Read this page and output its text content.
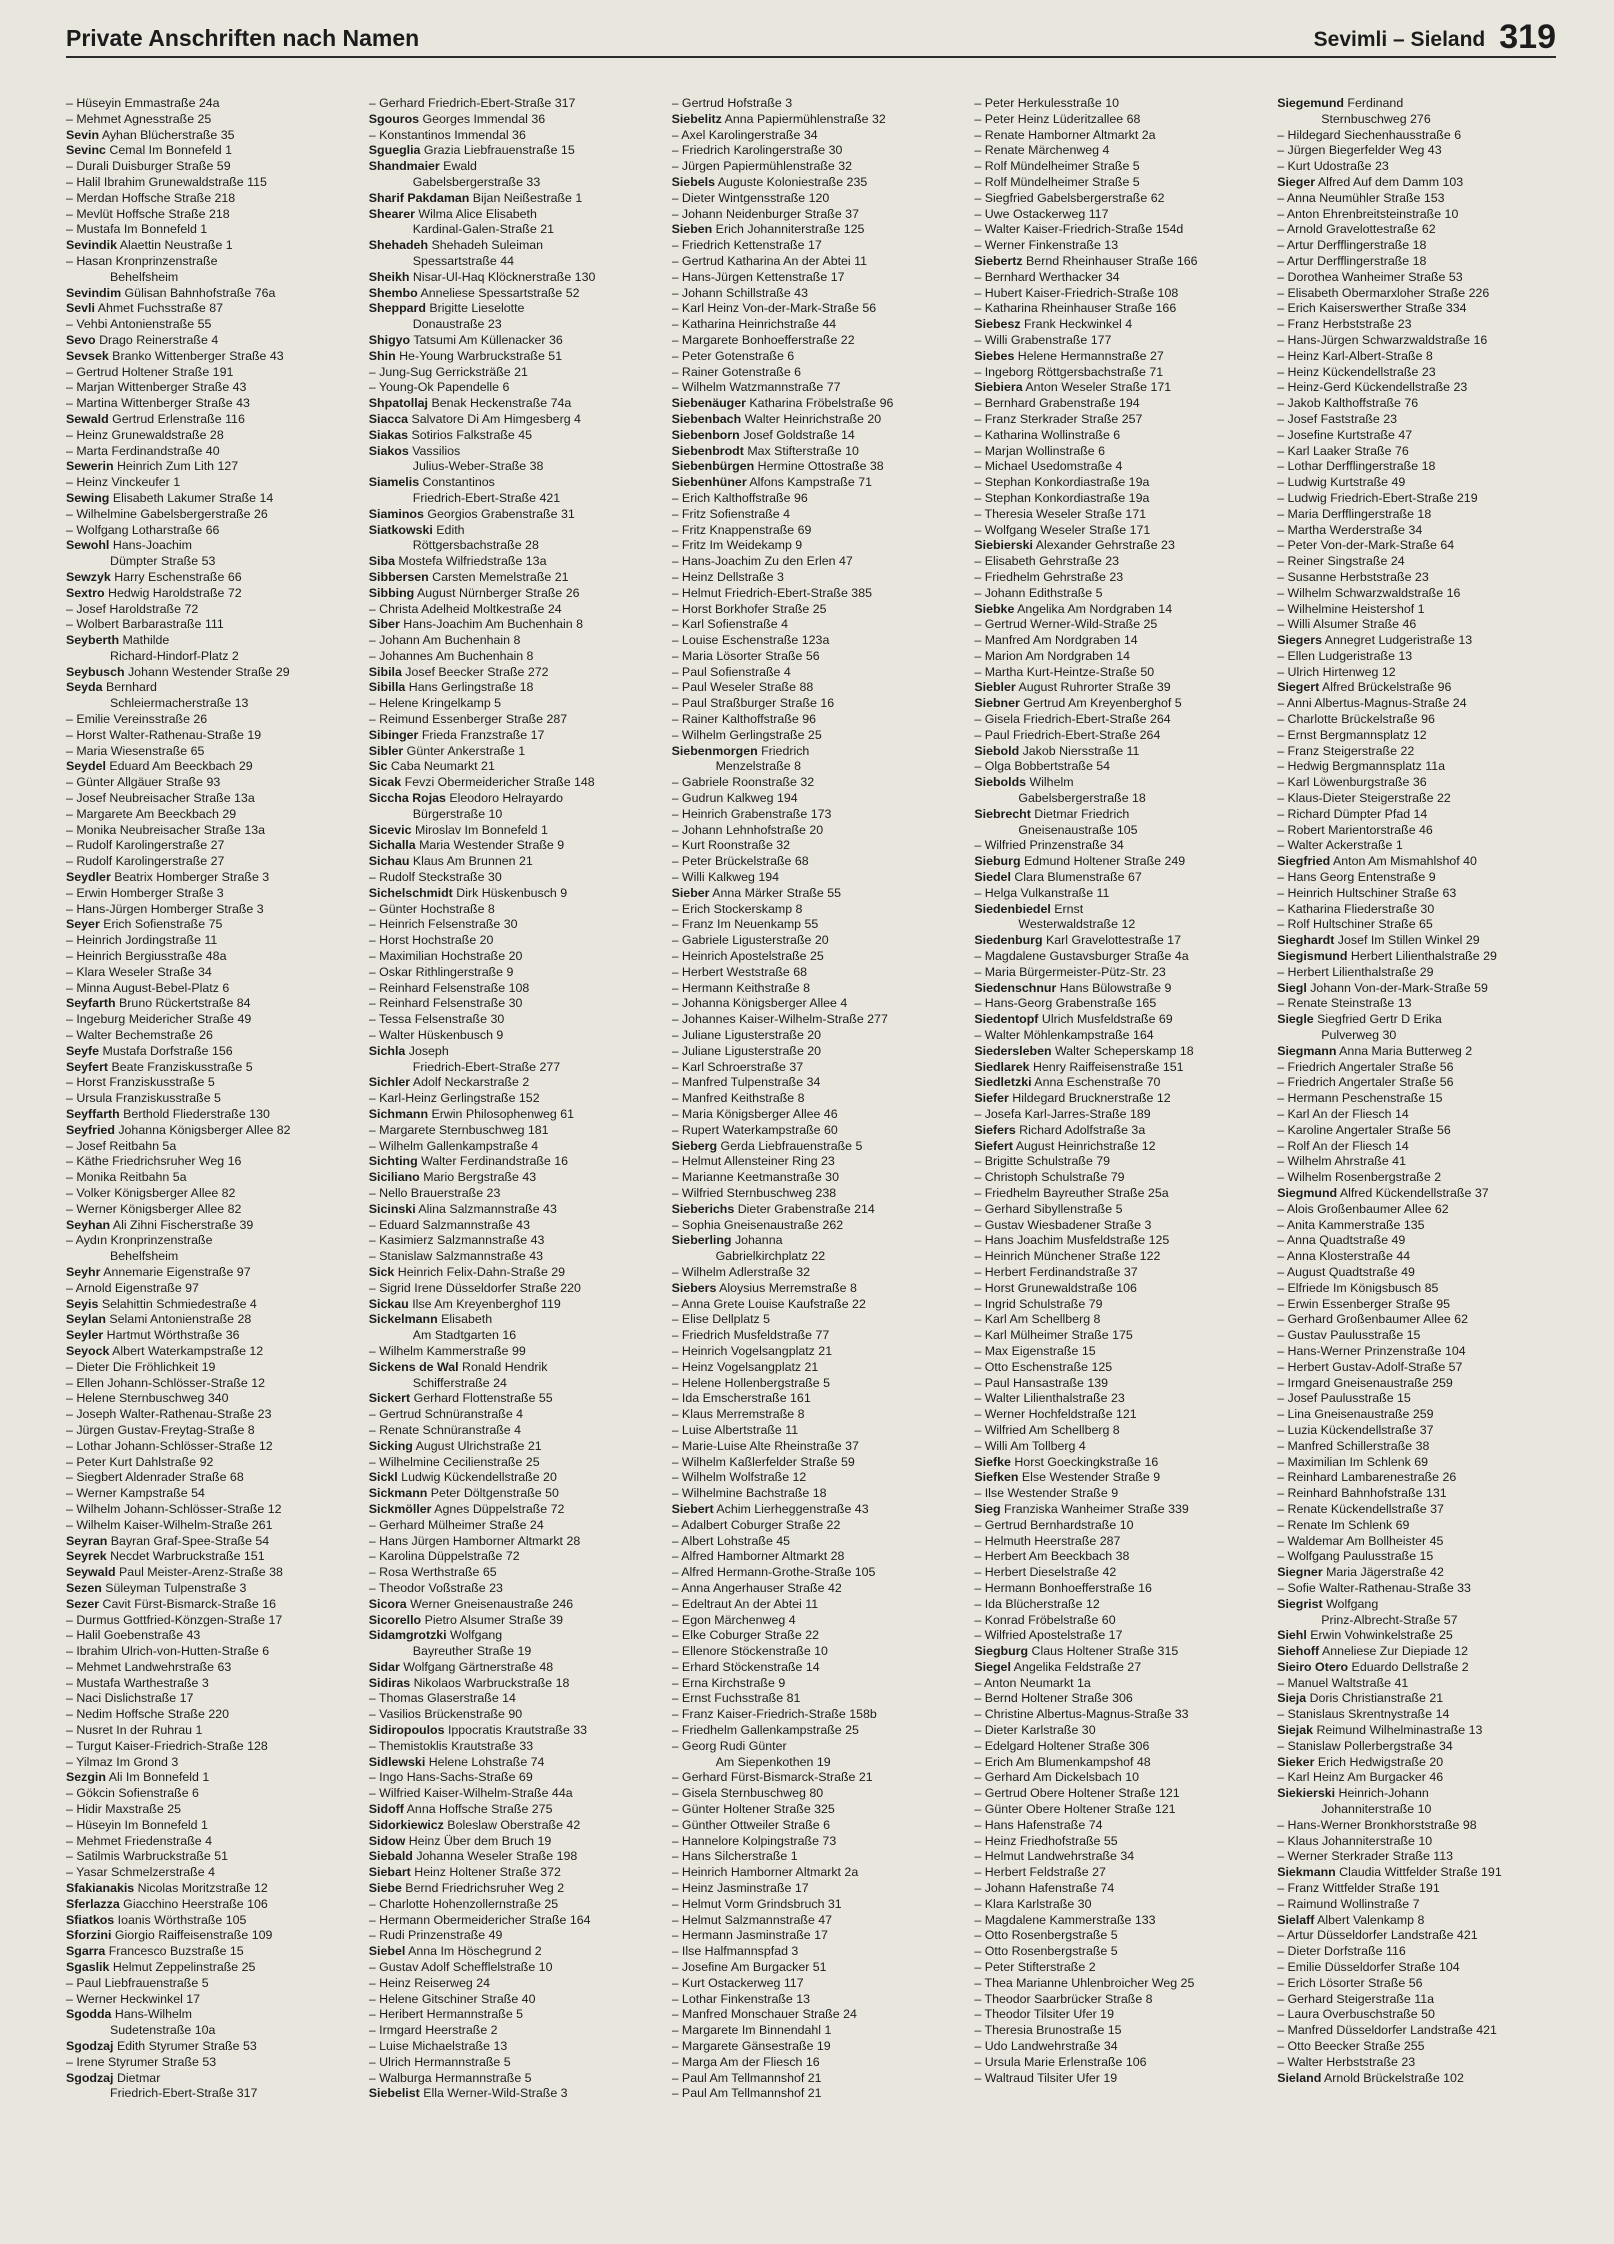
Private Anschriften nach Namen	Sevimli – Sieland 319
– Hüseyin Emmastraße 24a
– Mehmet Agnesstraße 25
Sevin Ayhan Blücherstraße 35
Sevinc Cemal Im Bonnefeld 1
– Durali Duisburger Straße 59
– Halil Ibrahim Grunewaldstraße 115
– Merdan Hoffsche Straße 218
– Mevlüt Hoffsche Straße 218
– Mustafa Im Bonnefeld 1
Sevindik Alaettin Neustraße 1
– Hasan Kronprinzenstraße
Behelfsheim
Sevindim Gülisan Bahnhofstraße 76a
Sevli Ahmet Fuchsstraße 87
– Vehbi Antonienstraße 55
Sevo Drago Reinerstraße 4
Sevsek Branko Wittenberger Straße 43
– Gertrud Holtener Straße 191
– Marjan Wittenberger Straße 43
– Martina Wittenberger Straße 43
Sewald Gertrud Erlenstraße 116
– Heinz Grunewaldstraße 28
– Marta Ferdinandstraße 40
Sewerin Heinrich Zum Lith 127
– Heinz Vinckeufer 1
Sewing Elisabeth Lakumer Straße 14
– Wilhelmine Gabelsbergerstraße 26
– Wolfgang Lotharstraße 66
Sewohl Hans-Joachim
Dümpter Straße 53
Sewzyk Harry Eschenstraße 66
Sextro Hedwig Haroldstraße 72
– Josef Haroldstraße 72
– Wolbert Barbarastraße 111
Seyberth Mathilde
Richard-Hindorf-Platz 2
Seybusch Johann Westender Straße 29
Seyda Bernhard
Schleiermacherstraße 13
– Emilie Vereinsstraße 26
– Horst Walter-Rathenau-Straße 19
– Maria Wiesenstraße 65
Seydel Eduard Am Beeckbach 29
– Günter Allgäuer Straße 93
– Josef Neubreisacher Straße 13a
– Margarete Am Beeckbach 29
– Monika Neubreisacher Straße 13a
– Rudolf Karolingerstraße 27
– Rudolf Karolingerstraße 27
Seydler Beatrix Homberger Straße 3
– Erwin Homberger Straße 3
– Hans-Jürgen Homberger Straße 3
Seyer Erich Sofienstraße 75
– Heinrich Jordingstraße 11
– Heinrich Bergiusstraße 48a
– Klara Weseler Straße 34
– Minna August-Bebel-Platz 6
Seyfarth Bruno Rückertstraße 84
– Ingeburg Meidericher Straße 49
– Walter Bechemstraße 26
Seyfe Mustafa Dorfstraße 156
Seyfert Beate Franziskusstraße 5
– Horst Franziskusstraße 5
– Ursula Franziskusstraße 5
Seyffarth Berthold Fliederstraße 130
Seyfried Johanna Königsberger Allee 82
– Josef Reitbahn 5a
– Käthe Friedrichsruher Weg 16
– Monika Reitbahn 5a
– Volker Königsberger Allee 82
– Werner Königsberger Allee 82
Seyhan Ali Zihni Fischerstraße 39
– Aydın Kronprinzenstraße
Behelfsheim
Seyhr Annemarie Eigenstraße 97
– Arnold Eigenstraße 97
Seyis Selahittin Schmiedestraße 4
Seylan Selami Antonienstraße 28
Seyler Hartmut Wörthstraße 36
Seyock Albert Waterkampstraße 12
– Dieter Die Fröhlichkeit 19
– Ellen Johann-Schlösser-Straße 12
– Helene Sternbuschweg 340
– Joseph Walter-Rathenau-Straße 23
– Jürgen Gustav-Freytag-Straße 8
– Lothar Johann-Schlösser-Straße 12
– Peter Kurt Dahlstraße 92
– Siegbert Aldenrader Straße 68
– Werner Kampstraße 54
– Wilhelm Johann-Schlösser-Straße 12
– Wilhelm Kaiser-Wilhelm-Straße 261
Seyran Bayran Graf-Spee-Straße 54
Seyrek Necdet Warbruckstraße 151
Seywald Paul Meister-Arenz-Straße 38
Sezen Süleyman Tulpenstraße 3
Sezer Cavit Fürst-Bismarck-Straße 16
– Durmus Gottfried-Könzgen-Straße 17
– Halil Goebenstraße 43
– Ibrahim Ulrich-von-Hutten-Straße 6
– Mehmet Landwehrstraße 63
– Mustafa Warthestraße 3
– Naci Dislichstraße 17
– Nedim Hoffsche Straße 220
– Nusret In der Ruhrau 1
– Turgut Kaiser-Friedrich-Straße 128
– Yilmaz Im Grond 3
Sezgin Ali Im Bonnefeld 1
– Gökcin Sofienstraße 6
– Hidir Maxstraße 25
– Hüseyin Im Bonnefeld 1
– Mehmet Friedenstraße 4
– Satilmis Warbruckstraße 51
– Yasar Schmelzerstraße 4
Sfakianakis Nicolas Moritzstraße 12
Sferlazza Giacchino Heerstraße 106
Sfiatkos Ioanis Wörthstraße 105
Sforzini Giorgio Raiffeisenstraße 109
Sgarra Francesco Buzstraße 15
Sgaslik Helmut Zeppelinstraße 25
– Paul Liebfrauenstraße 5
– Werner Heckwinkel 17
Sgodda Hans-Wilhelm
Sudetenstraße 10a
Sgodzaj Edith Styrumer Straße 53
– Irene Styrumer Straße 53
Sgodzaj Dietmar
Friedrich-Ebert-Straße 317
– Gerhard Friedrich-Ebert-Straße 317
Sgouros Georges Immendal 36
– Konstantinos Immendal 36
Sgueglia Grazia Liebfrauenstraße 15
Shandmaier Ewald
Gabelsbergerstraße 33
Sharif Pakdaman Bijan Neißestraße 1
Shearer Wilma Alice Elisabeth
Kardinal-Galen-Straße 21
Shehadeh Shehadeh Suleiman
Spessartstraße 44
Sheikh Nisar-Ul-Haq Klöcknerstraße 130
Shembo Anneliese Spessartstraße 52
Sheppard Brigitte Lieselotte
Donaustraße 23
Shigyo Tatsumi Am Küllenacker 36
Shin He-Young Warbruckstraße 51
– Jung-Sug Gerricksträße 21
– Young-Ok Papendelle 6
Shpatollaj Benak Heckenstraße 74a
Siacca Salvatore Di Am Himgesberg 4
Siakas Sotirios Falkstraße 45
Siakos Vassilios
Julius-Weber-Straße 38
Siamelis Constantinos
Friedrich-Ebert-Straße 421
Siaminos Georgios Grabenstraße 31
Siatkowski Edith
Röttgersbachstraße 28
Siba Mostefa Wilfriedstraße 13a
Sibbersen Carsten Memelstraße 21
Sibbing August Nürnberger Straße 26
– Christa Adelheid Moltkestraße 24
Siber Hans-Joachim Am Buchenhain 8
– Johann Am Buchenhain 8
– Johannes Am Buchenhain 8
Sibila Josef Beecker Straße 272
Sibilla Hans Gerlingstraße 18
– Helene Kringelkamp 5
– Reimund Essenberger Straße 287
Sibinger Frieda Franzstraße 17
Sibler Günter Ankerstraße 1
Sic Caba Neumarkt 21
Sicak Fevzi Obermeidericher Straße 148
Siccha Rojas Eleodoro Helrayardo
Bürgerstraße 10
Sicevic Miroslav Im Bonnefeld 1
Sichalla Maria Westender Straße 9
Sichau Klaus Am Brunnen 21
– Rudolf Steckstraße 30
Sichelschmidt Dirk Hüskenbusch 9
– Günter Hochstraße 8
– Heinrich Felsenstraße 30
– Horst Hochstraße 20
– Maximilian Hochstraße 20
– Oskar Rithlingerstraße 9
– Reinhard Felsenstraße 108
– Reinhard Felsenstraße 30
– Tessa Felsenstraße 30
– Walter Hüskenbusch 9
Sichla Joseph
Friedrich-Ebert-Straße 277
Sichler Adolf Neckarstraße 2
– Karl-Heinz Gerlingstraße 152
Sichmann Erwin Philosophenweg 61
– Margarete Sternbuschweg 181
– Wilhelm Gallenkampstraße 4
Sichting Walter Ferdinandstraße 16
Siciliano Mario Bergstraße 43
– Nello Brauerstraße 23
Sicinski Alina Salzmannstraße 43
– Eduard Salzmannstraße 43
– Kasimierz Salzmannstraße 43
– Stanislaw Salzmannstraße 43
Sick Heinrich Felix-Dahn-Straße 29
– Sigrid Irene Düsseldorfer Straße 220
Sickau Ilse Am Kreyenberghof 119
Sickelmann Elisabeth
Am Stadtgarten 16
– Wilhelm Kammerstraße 99
Sickens de Wal Ronald Hendrik
Schifferstraße 24
Sickert Gerhard Flottenstraße 55
– Gertrud Schnüranstraße 4
– Renate Schnüranstraße 4
Sicking August Ulrichstraße 21
– Wilhelmine Cecilienstraße 25
Sickl Ludwig Kückendellstraße 20
Sickmann Peter Döltgenstraße 50
Sickmöller Agnes Düppelstraße 72
– Gerhard Mülheimer Straße 24
– Hans Jürgen Hamborner Altmarkt 28
– Karolina Düppelstraße 72
– Rosa Werthstraße 65
– Theodor Voßstraße 23
Sicora Werner Gneisenaustraße 246
Sicorello Pietro Alsumer Straße 39
Sidamgrotzki Wolfgang
Bayreuther Straße 19
Sidar Wolfgang Gärtnerstraße 48
Sidiras Nikolaos Warbruckstraße 18
– Thomas Glaserstraße 14
– Vasilios Brückenstraße 90
Sidiropoulos Ippocratis Krautstraße 33
– Themistoklis Krautstraße 33
Sidlewski Helene Lohstraße 74
– Ingo Hans-Sachs-Straße 69
– Wilfried Kaiser-Wilhelm-Straße 44a
Sidoff Anna Hoffsche Straße 275
Sidorkiewicz Boleslaw Oberstraße 42
Sidow Heinz Über dem Bruch 19
Siebald Johanna Weseler Straße 198
Siebart Heinz Holtener Straße 372
Siebe Bernd Friedrichsruher Weg 2
– Charlotte Hohenzollernstraße 25
– Hermann Obermeidericher Straße 164
– Rudi Prinzenstraße 49
Siebel Anna Im Höschegrund 2
– Gustav Adolf Schefflelstraße 10
– Heinz Reiserweg 24
– Helene Gitschiner Straße 40
– Heribert Hermannstraße 5
– Irmgard Heerstraße 2
– Luise Michaelstraße 13
– Ulrich Hermannstraße 5
– Walburga Hermannstraße 5
Siebelist Ella Werner-Wild-Straße 3
– Gertrud Hofstraße 3
Siebelitz Anna Papiermühlenstraße 32
– Axel Karolingerstraße 34
– Friedrich Karolingerstraße 30
– Jürgen Papiermühlenstraße 32
Siebels Auguste Koloniestraße 235
– Dieter Wintgensstraße 120
– Johann Neidenburger Straße 37
Sieben Erich Johanniterstraße 125
– Friedrich Kettenstraße 17
– Gertrud Katharina An der Abtei 11
– Hans-Jürgen Kettenstraße 17
– Johann Schillstraße 43
– Karl Heinz Von-der-Mark-Straße 56
– Katharina Heinrichstraße 44
– Margarete Bonhoefferstraße 22
– Peter Gotenstraße 6
– Rainer Gotenstraße 6
– Wilhelm Watzmannstraße 77
Siebenäuger Katharina Fröbelstraße 96
Siebenbach Walter Heinrichstraße 20
Siebenborn Josef Goldstraße 14
Siebenbrodt Max Stifterstraße 10
Siebenbürgen Hermine Ottostraße 38
Siebenhüner Alfons Kampstraße 71
– Erich Kalthoffstraße 96
– Fritz Sofienstraße 4
– Fritz Knappenstraße 69
– Fritz Im Weidekamp 9
– Hans-Joachim Zu den Erlen 47
– Heinz Dellstraße 3
– Helmut Friedrich-Ebert-Straße 385
– Horst Borkhofer Straße 25
– Karl Sofienstraße 4
– Louise Eschenstraße 123a
– Maria Lösorter Straße 56
– Paul Sofienstraße 4
– Paul Weseler Straße 88
– Paul Straßburger Straße 16
– Rainer Kalthoffstraße 96
– Wilhelm Gerlingstraße 25
Siebenmorgen Friedrich
Menzelstraße 8
– Gabriele Roonstraße 32
– Gudrun Kalkweg 194
– Heinrich Grabenstraße 173
– Johann Lehnhofstraße 20
– Kurt Roonstraße 32
– Peter Brückelstraße 68
– Willi Kalkweg 194
Sieber Anna Märker Straße 55
– Erich Stockerskamp 8
– Franz Im Neuenkamp 55
– Gabriele Ligusterstraße 20
– Heinrich Apostelstraße 25
– Herbert Weststraße 68
– Hermann Keithstraße 8
– Johanna Königsberger Allee 4
– Johannes Kaiser-Wilhelm-Straße 277
– Juliane Ligusterstraße 20
– Juliane Ligusterstraße 20
– Karl Schroerstraße 37
– Manfred Tulpenstraße 34
– Manfred Keithstraße 8
– Maria Königsberger Allee 46
– Rupert Waterkampstraße 60
Sieberg Gerda Liebfrauenstraße 5
– Helmut Allensteiner Ring 23
– Marianne Keetmanstraße 30
– Wilfried Sternbuschweg 238
Sieberichs Dieter Grabenstraße 214
– Sophia Gneisenaustraße 262
Sieberling Johanna
Gabrielkirchplatz 22
– Wilhelm Adlerstraße 32
Siebers Aloysius Merremstraße 8
– Anna Grete Louise Kaufstraße 22
– Elise Dellplatz 5
– Friedrich Musfeldstraße 77
– Heinrich Vogelsangplatz 21
– Heinz Vogelsangplatz 21
– Helene Hollenbergstraße 5
– Ida Emscherstraße 161
– Klaus Merremstraße 8
– Luise Albertstraße 11
– Marie-Luise Alte Rheinstraße 37
– Wilhelm Kaßlerfelder Straße 59
– Wilhelm Wolfstraße 12
– Wilhelmine Bachstraße 18
Siebert Achim Lierheggenstraße 43
– Adalbert Coburger Straße 22
– Albert Lohstraße 45
– Alfred Hamborner Altmarkt 28
– Alfred Hermann-Grothe-Straße 105
– Anna Angerhauser Straße 42
– Edeltraut An der Abtei 11
– Egon Märchenweg 4
– Elke Coburger Straße 22
– Ellenore Stöckenstraße 10
– Erhard Stöckenstraße 14
– Erna Kirchstraße 9
– Ernst Fuchsstraße 81
– Franz Kaiser-Friedrich-Straße 158b
– Friedhelm Gallenkampstraße 25
– Georg Rudi Günter
Am Siepenkothen 19
– Gerhard Fürst-Bismarck-Straße 21
– Gisela Sternbuschweg 80
– Günter Holtener Straße 325
– Günther Ottweiler Straße 6
– Hannelore Kolpingstraße 73
– Hans Silcherstraße 1
– Heinrich Hamborner Altmarkt 2a
– Heinz Jasminstraße 17
– Helmut Vorm Grindsbruch 31
– Helmut Salzmannstraße 47
– Hermann Jasminstraße 17
– Ilse Halfmannspfad 3
– Josefine Am Burgacker 51
– Kurt Ostackerweg 117
– Lothar Finkenstraße 13
– Manfred Monschauer Straße 24
– Margarete Im Binnendahl 1
– Margarete Gänsestraße 19
– Marga Am der Fliesch 16
– Paul Am Tellmannshof 21
– Paul Am Tellmannshof 21
– Peter Herkulesstraße 10
– Peter Heinz Lüderitzallee 68
– Renate Hamborner Altmarkt 2a
– Renate Märchenweg 4
– Rolf Mündelheimer Straße 5
– Rolf Mündelheimer Straße 5
– Siegfried Gabelsbergerstraße 62
– Uwe Ostackerweg 117
– Walter Kaiser-Friedrich-Straße 154d
– Werner Finkenstraße 13
Siebertz Bernd Rheinhauser Straße 166
– Bernhard Werthacker 34
– Hubert Kaiser-Friedrich-Straße 108
– Katharina Rheinhauser Straße 166
Siebesz Frank Heckwinkel 4
– Willi Grabenstraße 177
Siebes Helene Hermannstraße 27
– Ingeborg Röttgersbachstraße 71
Siebiera Anton Weseler Straße 171
– Bernhard Grabenstraße 194
– Franz Sterkrader Straße 257
– Katharina Wollinstraße 6
– Marjan Wollinstraße 6
– Michael Usedomstraße 4
– Stephan Konkordiastraße 19a
– Stephan Konkordiastraße 19a
– Theresia Weseler Straße 171
– Wolfgang Weseler Straße 171
Siebierski Alexander Gehrstraße 23
– Elisabeth Gehrstraße 23
– Friedhelm Gehrstraße 23
– Johann Edithstraße 5
Siebke Angelika Am Nordgraben 14
– Gertrud Werner-Wild-Straße 25
– Manfred Am Nordgraben 14
– Marion Am Nordgraben 14
– Martha Kurt-Heintze-Straße 50
Siebler August Ruhrorter Straße 39
Siebner Gertrud Am Kreyenberghof 5
– Gisela Friedrich-Ebert-Straße 264
– Paul Friedrich-Ebert-Straße 264
Siebold Jakob Niersstraße 11
– Olga Bobbertstraße 54
Siebolds Wilhelm
Gabelsbergerstraße 18
Siebrecht Dietmar Friedrich
Gneisenaustraße 105
– Wilfried Prinzenstraße 34
Sieburg Edmund Holtener Straße 249
Siedel Clara Blumenstraße 67
– Helga Vulkanstraße 11
Siedenbiedel Ernst
Westerwaldstraße 12
Siedenburg Karl Gravelottestraße 17
– Magdalene Gustavsburger Straße 4a
– Maria Bürgermeister-Pütz-Str. 23
Siedenschnur Hans Bülowstraße 9
– Hans-Georg Grabenstraße 165
Siedentopf Ulrich Musfeldstraße 69
– Walter Möhlenkampstraße 164
Siedersleben Walter Scheperskamp 18
Siedlarek Henry Raiffeisenstraße 151
Siedletzki Anna Eschenstraße 70
Siefer Hildegard Brucknerstraße 12
– Josefa Karl-Jarres-Straße 189
Siefers Richard Adolfstraße 3a
Siefert August Heinrichstraße 12
– Brigitte Schulstraße 79
– Christoph Schulstraße 79
– Friedhelm Bayreuther Straße 25a
– Gerhard Sibyllenstraße 5
– Gustav Wiesbadener Straße 3
– Hans Joachim Musfeldstraße 125
– Heinrich Münchener Straße 122
– Herbert Ferdinandstraße 37
– Horst Grunewaldstraße 106
– Ingrid Schulstraße 79
– Karl Am Schellberg 8
– Karl Mülheimer Straße 175
– Max Eigenstraße 15
– Otto Eschenstraße 125
– Paul Hansastraße 139
– Walter Lilienthalstraße 23
– Werner Hochfeldstraße 121
– Wilfried Am Schellberg 8
– Willi Am Tollberg 4
Siefke Horst Goeckingkstraße 16
Siefken Else Westender Straße 9
– Ilse Westender Straße 9
Sieg Franziska Wanheimer Straße 339
– Gertrud Bernhardstraße 10
– Helmuth Heerstraße 287
– Herbert Am Beeckbach 38
– Herbert Dieselstraße 42
– Hermann Bonhoefferstraße 16
– Ida Blücherstraße 12
– Konrad Fröbelstraße 60
– Wilfried Apostelstraße 17
Siegburg Claus Holtener Straße 315
Siegel Angelika Feldstraße 27
– Anton Neumarkt 1a
– Bernd Holtener Straße 306
– Christine Albertus-Magnus-Straße 33
– Dieter Karlstraße 30
– Edelgard Holtener Straße 306
– Erich Am Blumenkampshof 48
– Gerhard Am Dickelsbach 10
– Gertrud Obere Holtener Straße 121
– Günter Obere Holtener Straße 121
– Hans Hafenstraße 74
– Heinz Friedhofstraße 55
– Helmut Landwehrstraße 34
– Herbert Feldstraße 27
– Johann Hafenstraße 74
– Klara Karlstraße 30
– Magdalene Kammerstraße 133
– Otto Rosenbergstraße 5
– Otto Rosenbergstraße 5
– Peter Stifterstraße 2
– Thea Marianne Uhlenbroicher Weg 25
– Theodor Saarbrücker Straße 8
– Theodor Tilsiter Ufer 19
– Theresia Brunostraße 15
– Udo Landwehrstraße 34
– Ursula Marie Erlenstraße 106
– Waltraud Tilsiter Ufer 19
Siegemund Ferdinand
Sternbuschweg 276
– Hildegard Siechenhausstraße 6
– Jürgen Biegerfelder Weg 43
– Kurt Udostraße 23
Sieger Alfred Auf dem Damm 103
– Anna Neumühler Straße 153
– Anton Ehrenbreitsteinstraße 10
– Arnold Gravelottestraße 62
– Artur Derfflingerstraße 18
– Artur Derfflingerstraße 18
– Dorothea Wanheimer Straße 53
– Elisabeth Obermarxloher Straße 226
– Erich Kaiserswerther Straße 334
– Franz Herbststraße 23
– Hans-Jürgen Schwarzwaldstraße 16
– Heinz Karl-Albert-Straße 8
– Heinz Kückendellstraße 23
– Heinz-Gerd Kückendellstraße 23
– Jakob Kalthoffstraße 76
– Josef Faststraße 23
– Josefine Kurtstraße 47
– Karl Laaker Straße 76
– Lothar Derfflingerstraße 18
– Ludwig Kurtstraße 49
– Ludwig Friedrich-Ebert-Straße 219
– Maria Derfflingerstraße 18
– Martha Werderstraße 34
– Peter Von-der-Mark-Straße 64
– Reiner Singstraße 24
– Susanne Herbststraße 23
– Wilhelm Schwarzwaldstraße 16
– Wilhelmine Heistershof 1
– Willi Alsumer Straße 46
Siegers Annegret Ludgeristraße 13
– Ellen Ludgeristraße 13
– Ulrich Hirtenweg 12
Siegert Alfred Brückelstraße 96
– Anni Albertus-Magnus-Straße 24
– Charlotte Brückelstraße 96
– Ernst Bergmannsplatz 12
– Franz Steigerstraße 22
– Hedwig Bergmannsplatz 11a
– Karl Löwenburgstraße 36
– Klaus-Dieter Steigerstraße 22
– Richard Dümpter Pfad 14
– Robert Marientorstraße 46
– Walter Ackerstraße 1
Siegfried Anton Am Mismahlshof 40
– Hans Georg Entenstraße 9
– Heinrich Hultschiner Straße 63
– Katharina Fliederstraße 30
– Rolf Hultschiner Straße 65
Sieghardt Josef Im Stillen Winkel 29
Siegismund Herbert Lilienthalstraße 29
– Herbert Lilienthalstraße 29
Siegl Johann Von-der-Mark-Straße 59
– Renate Steinstraße 13
Siegle Siegfried Gertr D Erika
Pulverweg 30
Siegmann Anna Maria Butterweg 2
– Friedrich Angertaler Straße 56
– Friedrich Angertaler Straße 56
– Hermann Peschenstraße 15
– Karl An der Fliesch 14
– Karoline Angertaler Straße 56
– Rolf An der Fliesch 14
– Wilhelm Ahrstraße 41
– Wilhelm Rosenbergstraße 2
Siegmund Alfred Kückendellstraße 37
– Alois Großenbaumer Allee 62
– Anita Kammerstraße 135
– Anna Quadtstraße 49
– Anna Klosterstraße 44
– August Quadtstraße 49
– Elfriede Im Königsbusch 85
– Erwin Essenberger Straße 95
– Gerhard Großenbaumer Allee 62
– Gustav Paulusstraße 15
– Hans-Werner Prinzenstraße 104
– Herbert Gustav-Adolf-Straße 57
– Irmgard Gneisenaustraße 259
– Josef Paulusstraße 15
– Lina Gneisenaustraße 259
– Luzia Kückendellstraße 37
– Manfred Schillerstraße 38
– Maximilian Im Schlenk 69
– Reinhard Lambarenestraße 26
– Reinhard Bahnhofstraße 131
– Renate Kückendellstraße 37
– Renate Im Schlenk 69
– Waldemar Am Bollheister 45
– Wolfgang Paulusstraße 15
Siegner Maria Jägerstraße 42
– Sofie Walter-Rathenau-Straße 33
Siegrist Wolfgang
Prinz-Albrecht-Straße 57
Siehl Erwin Vohwinkelstraße 25
Siehoff Anneliese Zur Diepiade 12
Sieiro Otero Eduardo Dellstraße 2
– Manuel Waltstraße 41
Sieja Doris Christianstraße 21
– Stanislaus Skrentnystraße 14
Siejak Reimund Wilhelminastraße 13
– Stanislaw Pollerbergstraße 34
Sieker Erich Hedwigstraße 20
– Karl Heinz Am Burgacker 46
Siekierski Heinrich-Johann
Johanniterstraße 10
– Hans-Werner Bronkhorststraße 98
– Klaus Johanniterstraße 10
– Werner Sterkrader Straße 113
Siekmann Claudia Wittfelder Straße 191
– Franz Wittfelder Straße 191
– Raimund Wollinstraße 7
Sielaff Albert Valenkamp 8
– Artur Düsseldorfer Landstraße 421
– Dieter Dorfstraße 116
– Emilie Düsseldorfer Straße 104
– Erich Lösorter Straße 56
– Gerhard Steigerstraße 11a
– Laura Overbuschstraße 50
– Manfred Düsseldorfer Landstraße 421
– Otto Beecker Straße 255
– Walter Herbststraße 23
Sieland Arnold Brückelstraße 102
